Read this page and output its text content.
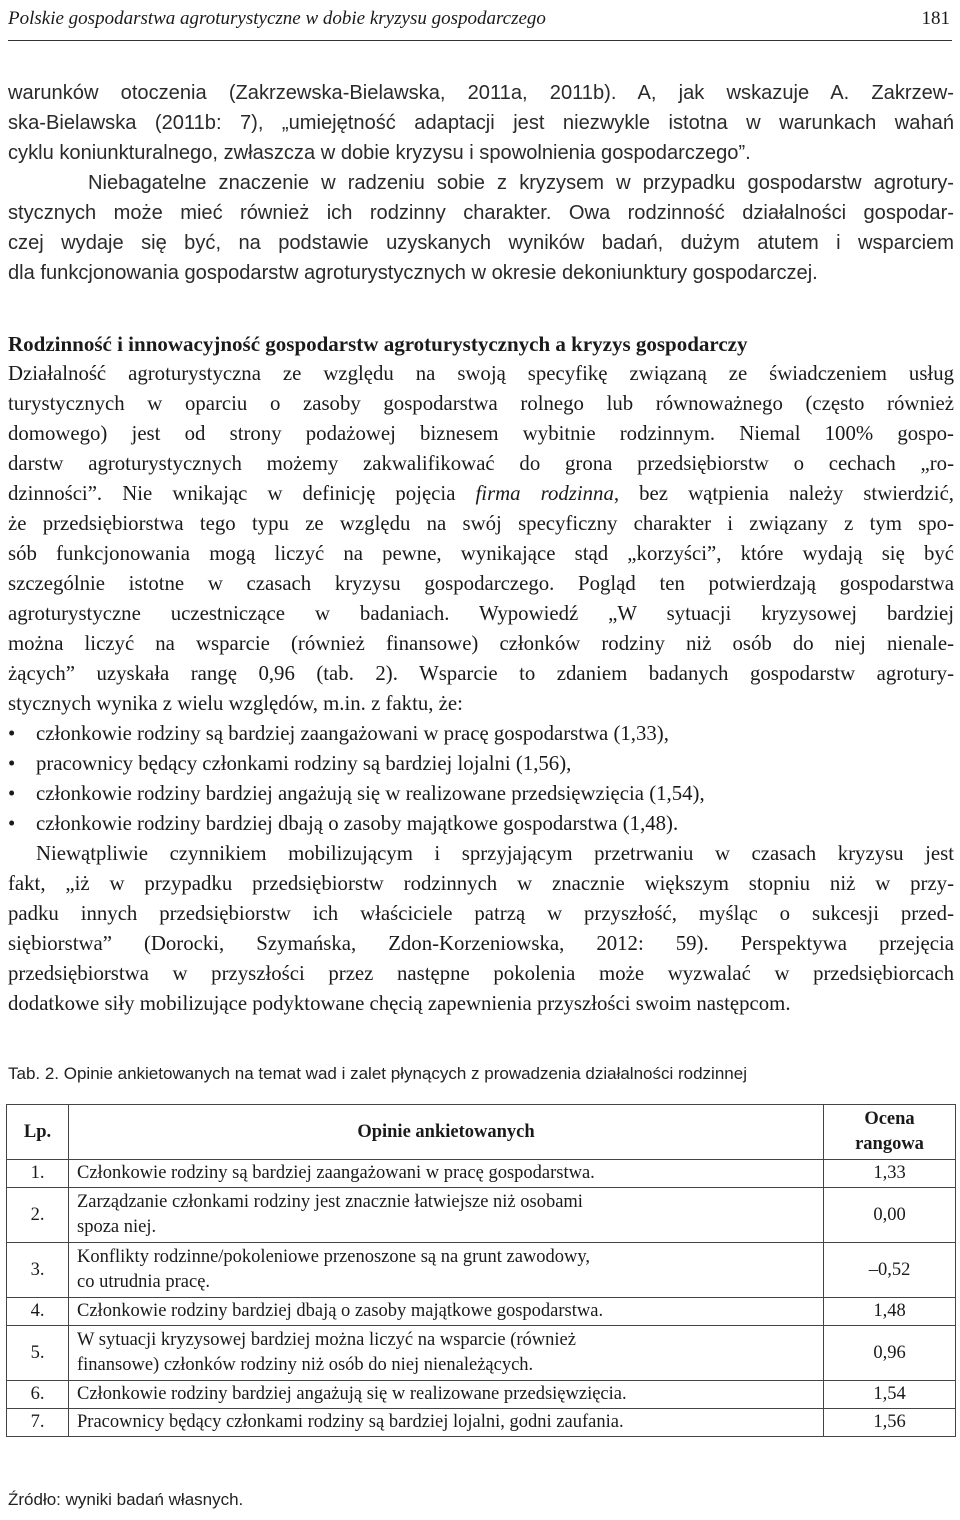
Polskie gospodarstwa agroturystyczne w dobie kryzysu gospodarczego	181
warunków otoczenia (Zakrzewska-Bielawska, 2011a, 2011b). A, jak wskazuje A. Zakrzew-
ska-Bielawska (2011b: 7), „umiejętność adaptacji jest niezwykle istotna w warunkach wahań
cyklu koniunkturalnego, zwłaszcza w dobie kryzysu i spowolnienia gospodarczego”.
Niebagatelne znaczenie w radzeniu sobie z kryzysem w przypadku gospodarstw agrotury-
stycznych może mieć również ich rodzinny charakter. Owa rodzinność działalności gospodar-
czej wydaje się być, na podstawie uzyskanych wyników badań, dużym atutem i wsparciem
dla funkcjonowania gospodarstw agroturystycznych w okresie dekoniunktury gospodarczej.
Rodzinność i innowacyjność gospodarstw agroturystycznych a kryzys gospodarczy
Działalność agroturystyczna ze względu na swoją specyfikę związaną ze świadczeniem usług
turystycznych w oparciu o zasoby gospodarstwa rolnego lub równoważnego (często również
domowego) jest od strony podażowej biznesem wybitnie rodzinnym. Niemal 100% gospo-
darstw agroturystycznych możemy zakwalifikować do grona przedsiębiorstw o cechach „ro-
dzinności”. Nie wnikając w definicję pojęcia firma rodzinna, bez wątpienia należy stwierdzić,
że przedsiębiorstwa tego typu ze względu na swój specyficzny charakter i związany z tym spo-
sób funkcjonowania mogą liczyć na pewne, wynikające stąd „korzyści”, które wydają się być
szczególnie istotne w czasach kryzysu gospodarczego. Pogląd ten potwierdzają gospodarstwa
agroturystyczne uczestniczące w badaniach. Wypowiedź „W sytuacji kryzysowej bardziej
można liczyć na wsparcie (również finansowe) członków rodziny niż osób do niej nienale-
żących” uzyskała rangę 0,96 (tab. 2). Wsparcie to zdaniem badanych gospodarstw agrotury-
stycznych wynika z wielu względów, m.in. z faktu, że:
• członkowie rodziny są bardziej zaangażowani w pracę gospodarstwa (1,33),
• pracownicy będący członkami rodziny są bardziej lojalni (1,56),
• członkowie rodziny bardziej angażują się w realizowane przedsięwzięcia (1,54),
• członkowie rodziny bardziej dbają o zasoby majątkowe gospodarstwa (1,48).
Niewątpliwie czynnikiem mobilizującym i sprzyjającym przetrwaniu w czasach kryzysu jest
fakt, „iż w przypadku przedsiębiorstw rodzinnych w znacznie większym stopniu niż w przy-
padku innych przedsiębiorstw ich właściciele patrzą w przyszłość, myśląc o sukcesji przed-
siębiorstwa” (Dorocki, Szymańska, Zdon-Korzeniowska, 2012: 59). Perspektywa przejęcia
przedsiębiorstwa w przyszłości przez następne pokolenia może wyzwalać w przedsiębiorcach
dodatkowe siły mobilizujące podyktowane chęcią zapewnienia przyszłości swoim następcom.
Tab. 2. Opinie ankietowanych na temat wad i zalet płynących z prowadzenia działalności rodzinnej
Lp.	Opinie ankietowanych	Ocena rangowa
1.	Członkowie rodziny są bardziej zaangażowani w pracę gospodarstwa.	1,33
2.	Zarządzanie członkami rodziny jest znacznie łatwiejsze niż osobami
spoza niej.	0,00
3.	Konflikty rodzinne/pokoleniowe przenoszone są na grunt zawodowy,
co utrudnia pracę.	–0,52
4.	Członkowie rodziny bardziej dbają o zasoby majątkowe gospodarstwa.	1,48
5.	W sytuacji kryzysowej bardziej można liczyć na wsparcie (również
finansowe) członków rodziny niż osób do niej nienależących.	0,96
6.	Członkowie rodziny bardziej angażują się w realizowane przedsięwzięcia.	1,54
7.	Pracownicy będący członkami rodziny są bardziej lojalni, godni zaufania.	1,56
Źródło: wyniki badań własnych.
